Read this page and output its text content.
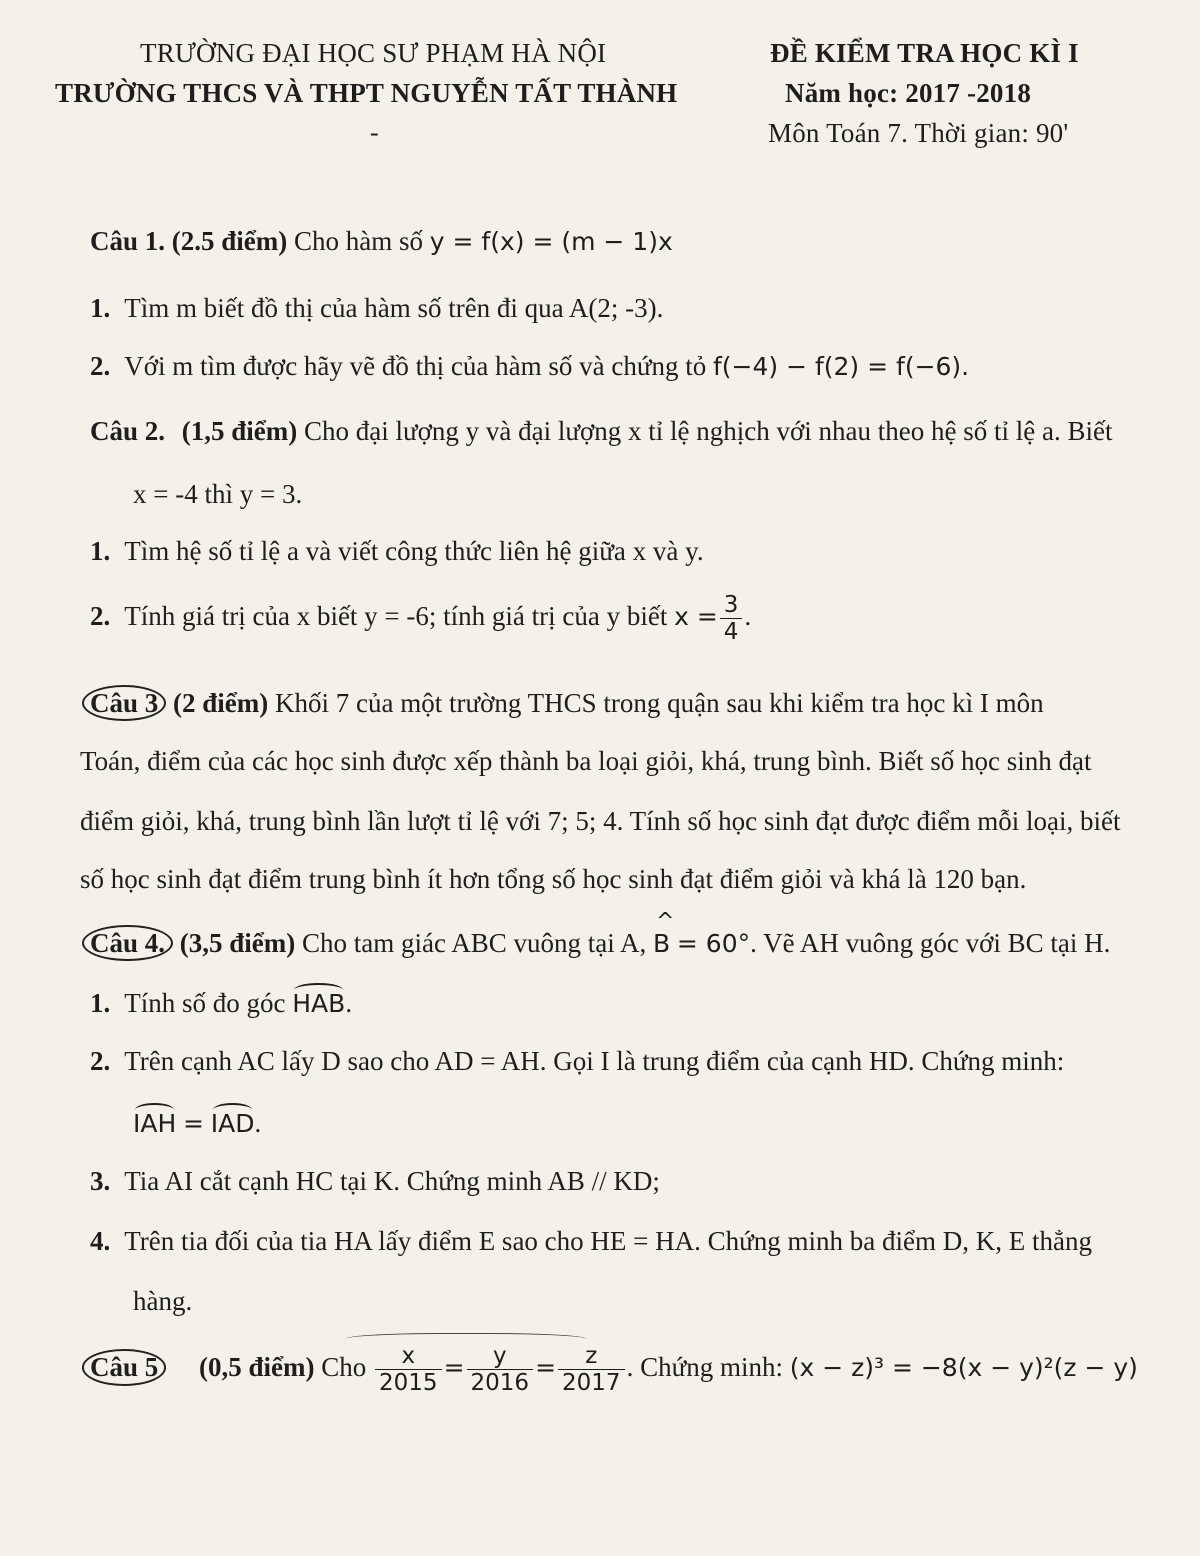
TRƯỜNG ĐẠI HỌC SƯ PHẠM HÀ NỘI
TRƯỜNG THCS VÀ THPT NGUYỄN TẤT THÀNH
-
ĐỀ KIỂM TRA HỌC KÌ I
Năm học: 2017 -2018
Môn Toán 7. Thời gian: 90'
Câu 1. (2.5 điểm) Cho hàm số y = f(x) = (m − 1)x
1. Tìm m biết đồ thị của hàm số trên đi qua A(2; -3).
2. Với m tìm được hãy vẽ đồ thị của hàm số và chứng tỏ f(−4) − f(2) = f(−6).
Câu 2. (1,5 điểm) Cho đại lượng y và đại lượng x tỉ lệ nghịch với nhau theo hệ số tỉ lệ a. Biết
x = -4 thì y = 3.
1. Tìm hệ số tỉ lệ a và viết công thức liên hệ giữa x và y.
2. Tính giá trị của x biết y = -6; tính giá trị của y biết $x = \frac{3}{4}$ .
Câu 3 (2 điểm) Khối 7 của một trường THCS trong quận sau khi kiểm tra học kì I môn
Toán, điểm của các học sinh được xếp thành ba loại giỏi, khá, trung bình. Biết số học sinh đạt
điểm giỏi, khá, trung bình lần lượt tỉ lệ với 7; 5; 4. Tính số học sinh đạt được điểm mỗi loại, biết
số học sinh đạt điểm trung bình ít hơn tổng số học sinh đạt điểm giỏi và khá là 120 bạn.
Câu 4. (3,5 điểm) Cho tam giác ABC vuông tại A, ^ B = 60°. Vẽ AH vuông góc với BC tại H.
1. Tính số đo góc HAB.
2. Trên cạnh AC lấy D sao cho AD = AH. Gọi I là trung điểm của cạnh HD. Chứng minh:
IAH = IAD.
3. Tia AI cắt cạnh HC tại K. Chứng minh AB // KD;
4. Trên tia đối của tia HA lấy điểm E sao cho HE = HA. Chứng minh ba điểm D, K, E thẳng
hàng.
Câu 5 (0,5 điểm) Cho $\frac{x}{2015} = \frac{y}{2016} = \frac{z}{2017}$ . Chứng minh: (x − z)³ = −8(x − y)²(z − y)
